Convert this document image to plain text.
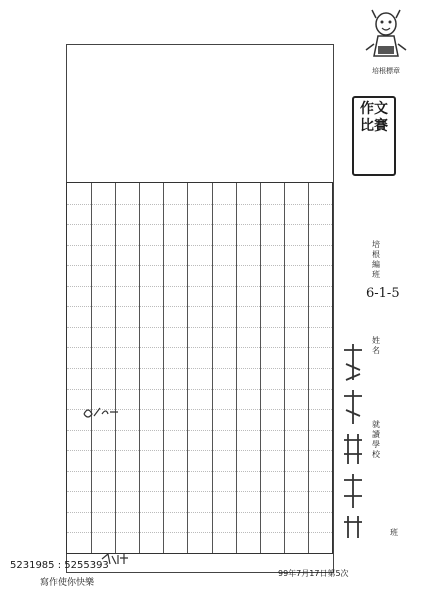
培根標章
作文比賽
培根編班
6-1-5
姓名
就讀學校
班
5231985 : 5255393
寫作使你快樂
99年7月17日第5次
